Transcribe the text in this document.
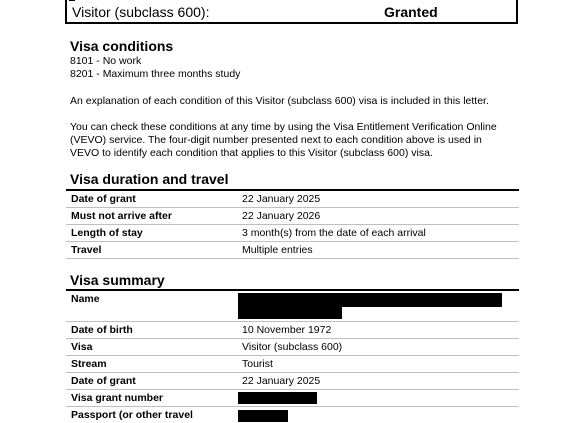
Visitor (subclass 600):	Granted
Visa conditions
8101 - No work
8201 - Maximum three months study
An explanation of each condition of this Visitor (subclass 600) visa is included in this letter.
You can check these conditions at any time by using the Visa Entitlement Verification Online
(VEVO) service. The four-digit number presented next to each condition above is used in
VEVO to identify each condition that applies to this Visitor (subclass 600) visa.
Visa duration and travel
Date of grant	22 January 2025
Must not arrive after	22 January 2026
Length of stay	3 month(s) from the date of each arrival
Travel	Multiple entries
Visa summary
Name	

Date of birth	10 November 1972
Visa	Visitor (subclass 600)
Stream	Tourist
Date of grant	22 January 2025
Visa grant number	

Passport (or other travel	
